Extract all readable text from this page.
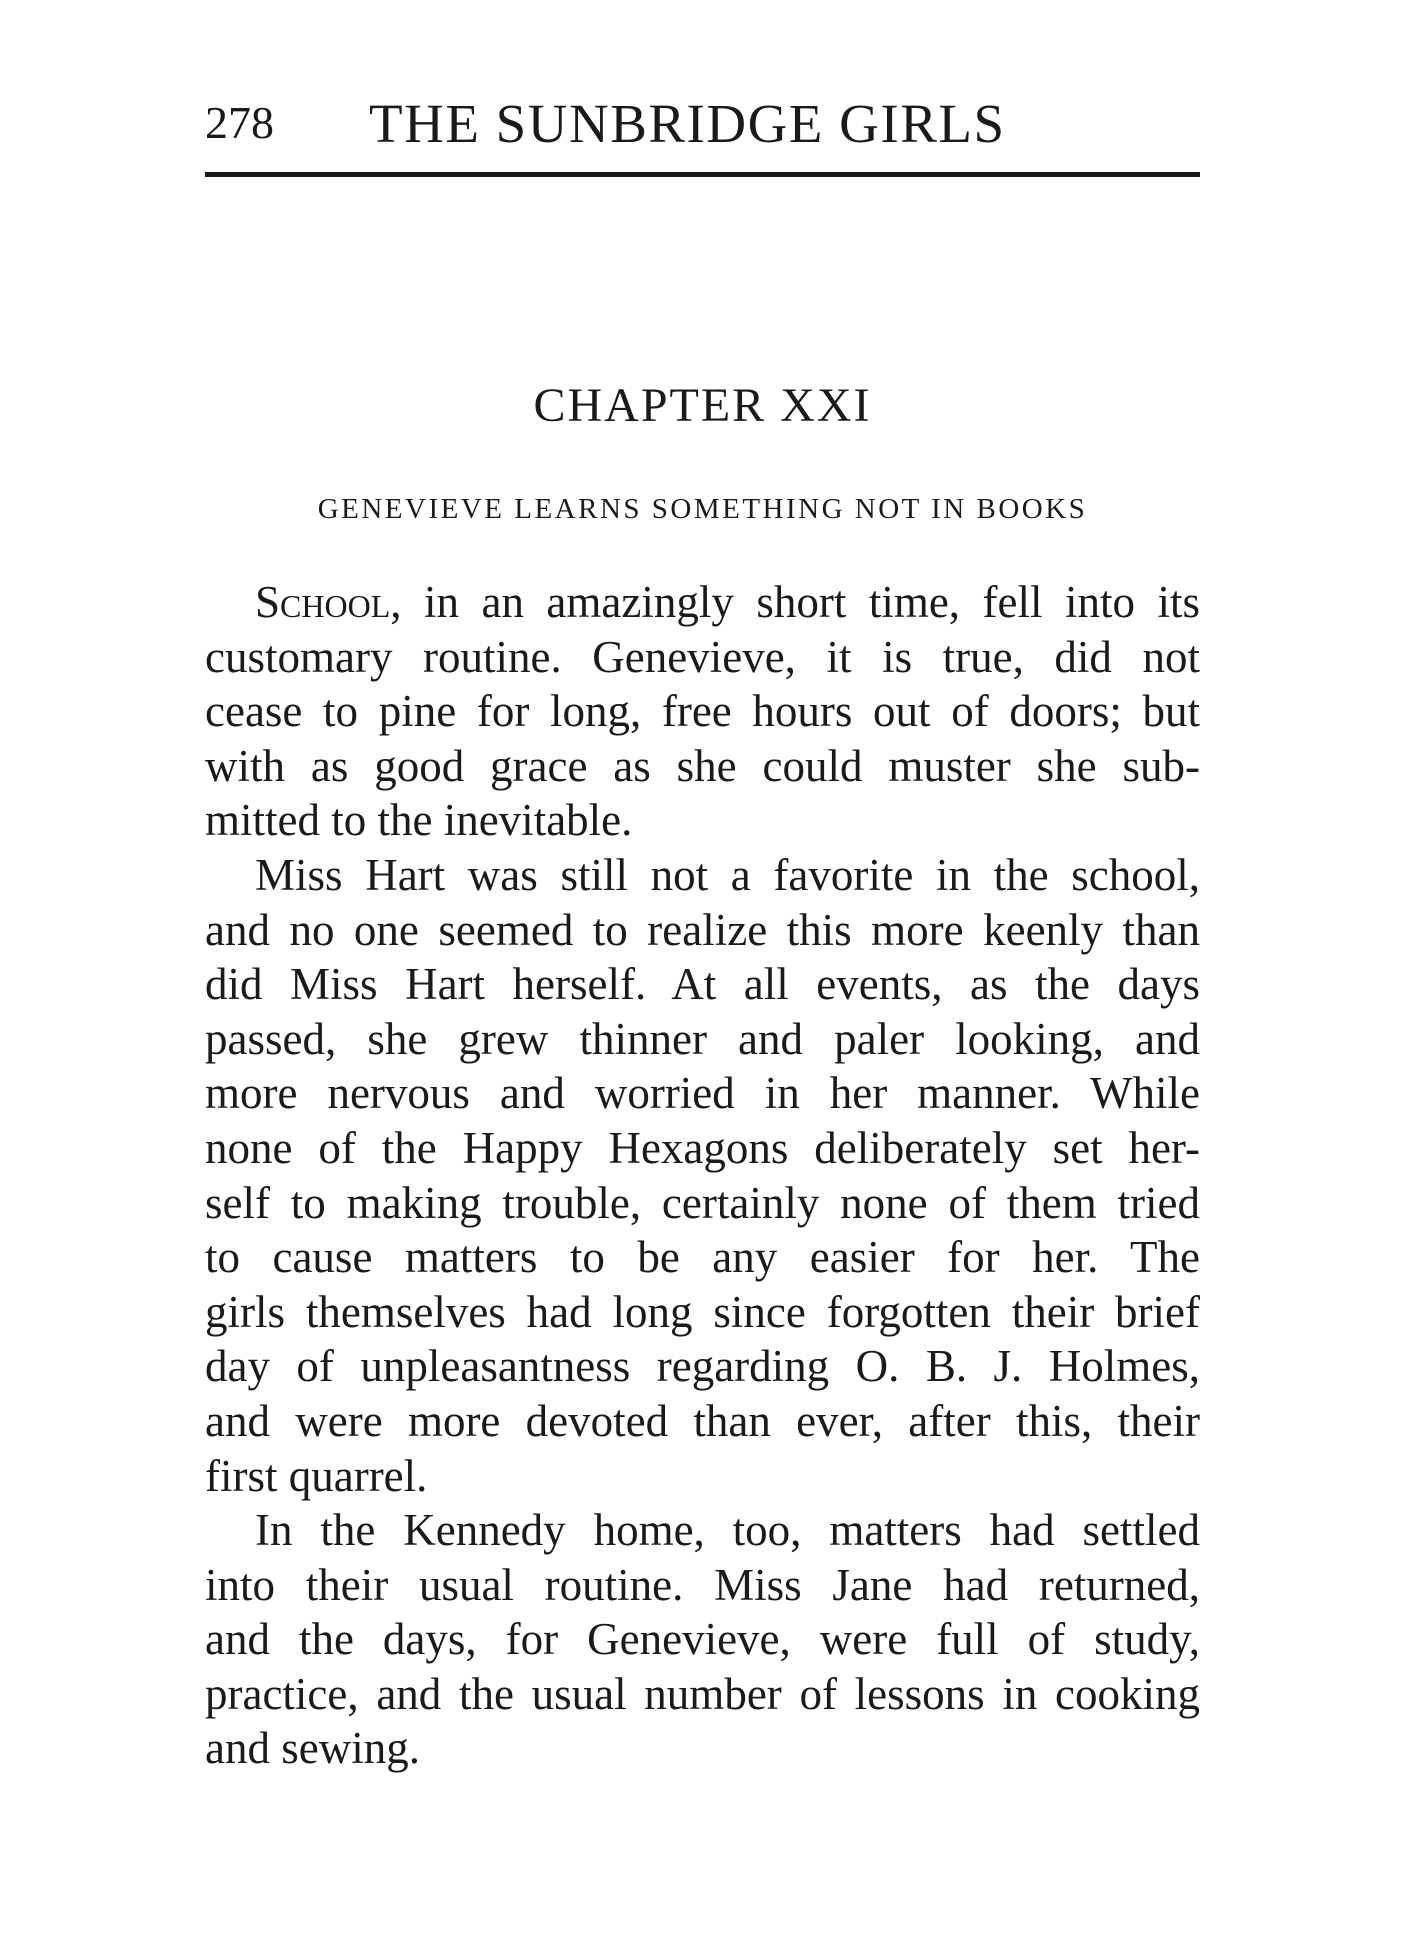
278 THE SUNBRIDGE GIRLS
CHAPTER XXI
GENEVIEVE LEARNS SOMETHING NOT IN BOOKS
School, in an amazingly short time, fell into its
customary routine. Genevieve, it is true, did not
cease to pine for long, free hours out of doors; but
with as good grace as she could muster she sub-
mitted to the inevitable.
Miss Hart was still not a favorite in the school,
and no one seemed to realize this more keenly than
did Miss Hart herself. At all events, as the days
passed, she grew thinner and paler looking, and
more nervous and worried in her manner. While
none of the Happy Hexagons deliberately set her-
self to making trouble, certainly none of them tried
to cause matters to be any easier for her. The
girls themselves had long since forgotten their brief
day of unpleasantness regarding O. B. J. Holmes,
and were more devoted than ever, after this, their
first quarrel.
In the Kennedy home, too, matters had settled
into their usual routine. Miss Jane had returned,
and the days, for Genevieve, were full of study,
practice, and the usual number of lessons in cooking
and sewing.
